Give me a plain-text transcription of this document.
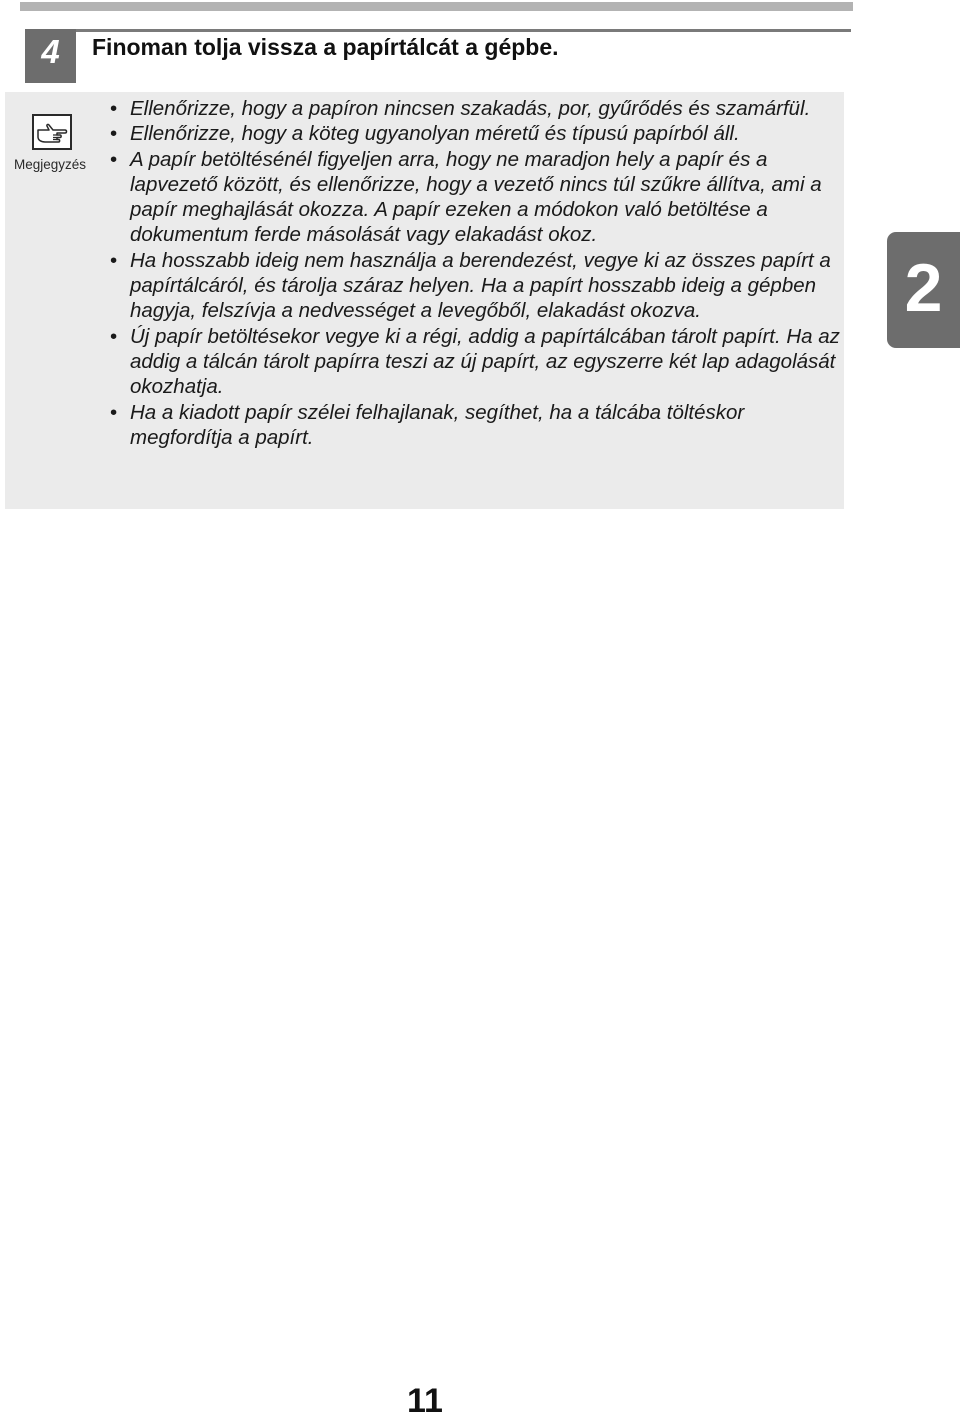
4	Finoman tolja vissza a papírtálcát a gépbe.
Megjegyzés
• Ellenőrizze, hogy a papíron nincsen szakadás, por, gyűrődés és szamárfül.
• Ellenőrizze, hogy a köteg ugyanolyan méretű és típusú papírból áll.
• A papír betöltésénél figyeljen arra, hogy ne maradjon hely a papír és a lapvezető között, és ellenőrizze, hogy a vezető nincs túl szűkre állítva, ami a papír meghajlását okozza. A papír ezeken a módokon való betöltése a dokumentum ferde másolását vagy elakadást okoz.
• Ha hosszabb ideig nem használja a berendezést, vegye ki az összes papírt a papírtálcáról, és tárolja száraz helyen. Ha a papírt hosszabb ideig a gépben hagyja, felszívja a nedvességet a levegőből, elakadást okozva.
• Új papír betöltésekor vegye ki a régi, addig a papírtálcában tárolt papírt. Ha az addig a tálcán tárolt papírra teszi az új papírt, az egyszerre két lap adagolását okozhatja.
• Ha a kiadott papír szélei felhajlanak, segíthet, ha a tálcába töltéskor megfordítja a papírt.
2
11
